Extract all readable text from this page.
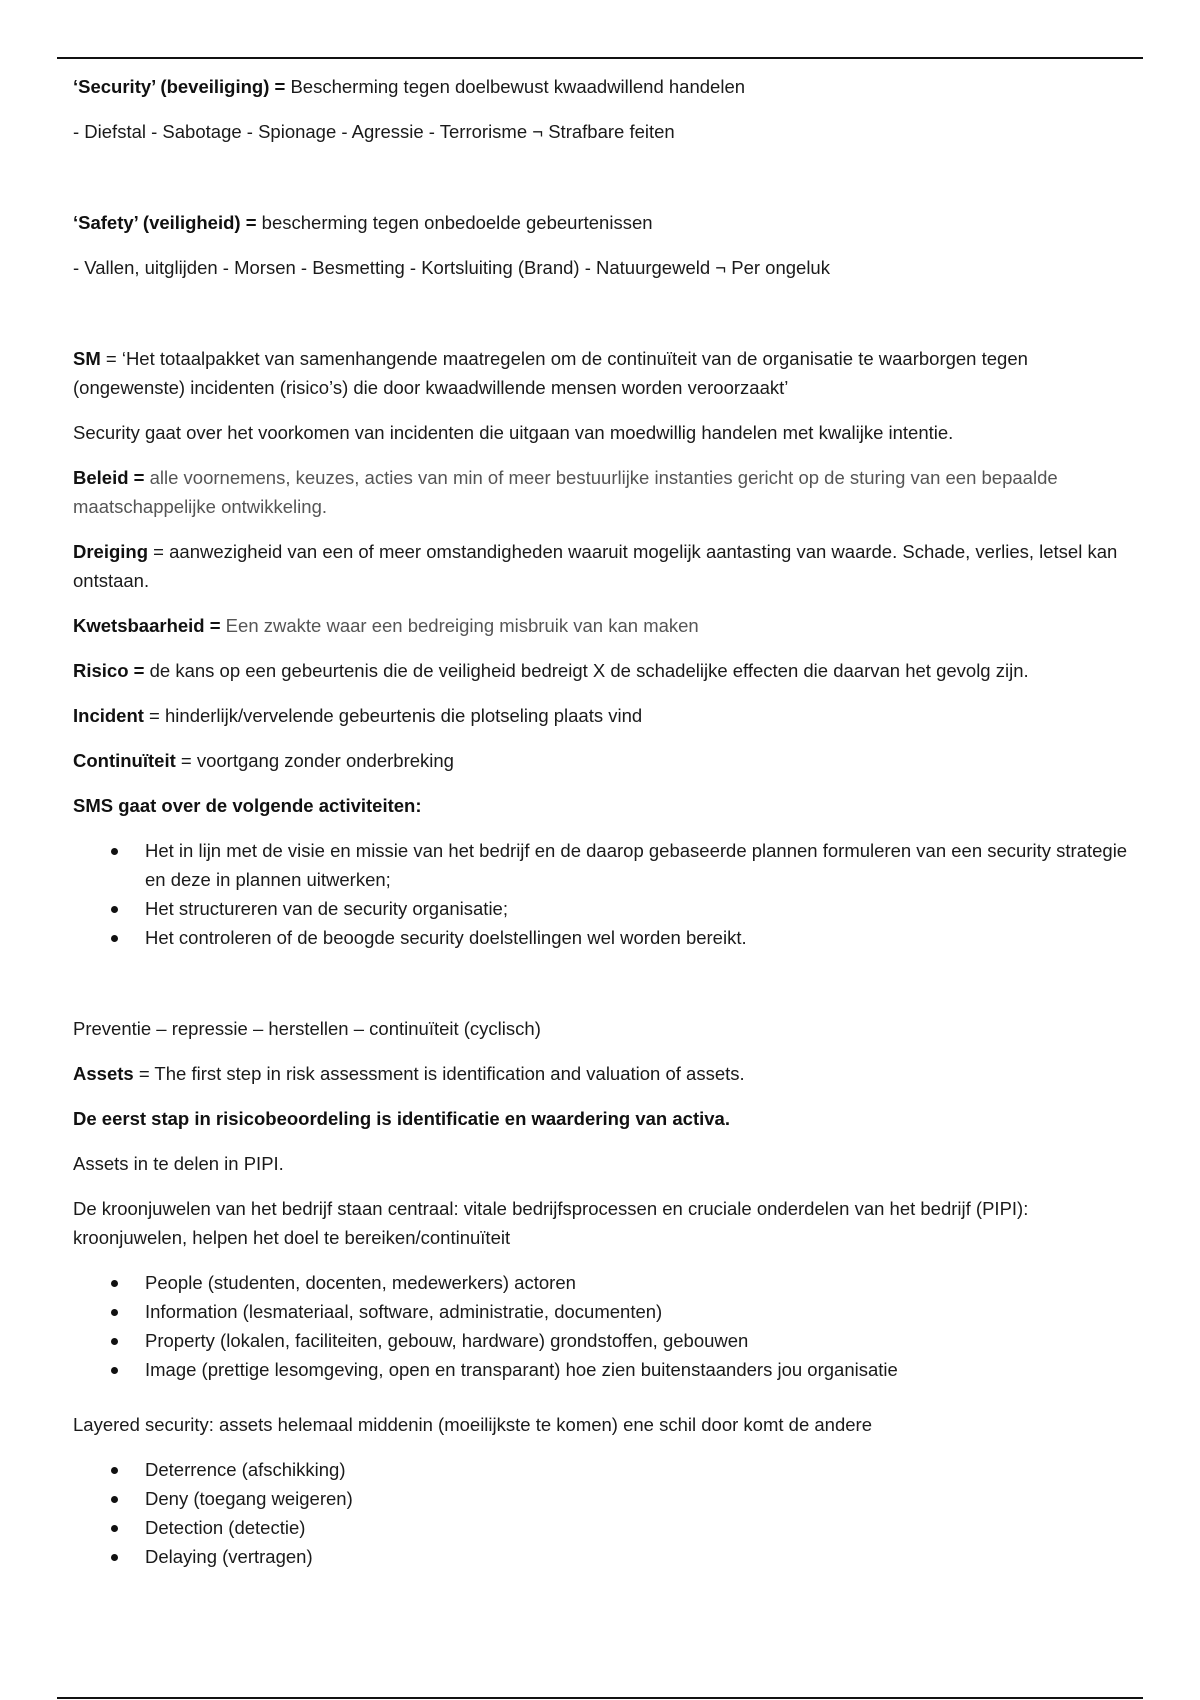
‘Security’ (beveiliging) = Bescherming tegen doelbewust kwaadwillend handelen

- Diefstal - Sabotage - Spionage - Agressie - Terrorisme ¬ Strafbare feiten

‘Safety’ (veiligheid) = bescherming tegen onbedoelde gebeurtenissen

- Vallen, uitglijden - Morsen - Besmetting - Kortsluiting (Brand) - Natuurgeweld ¬ Per ongeluk

SM = ‘Het totaalpakket van samenhangende maatregelen om de continuïteit van de organisatie te waarborgen tegen (ongewenste) incidenten (risico’s) die door kwaadwillende mensen worden veroorzaakt’

Security gaat over het voorkomen van incidenten die uitgaan van moedwillig handelen met kwalijke intentie.

Beleid = alle voornemens, keuzes, acties van min of meer bestuurlijke instanties gericht op de sturing van een bepaalde maatschappelijke ontwikkeling.

Dreiging = aanwezigheid van een of meer omstandigheden waaruit mogelijk aantasting van waarde. Schade, verlies, letsel kan ontstaan.

Kwetsbaarheid = Een zwakte waar een bedreiging misbruik van kan maken

Risico = de kans op een gebeurtenis die de veiligheid bedreigt X de schadelijke effecten die daarvan het gevolg zijn.

Incident = hinderlijk/vervelende gebeurtenis die plotseling plaats vind

Continuïteit = voortgang zonder onderbreking

SMS gaat over de volgende activiteiten:

Het in lijn met de visie en missie van het bedrijf en de daarop gebaseerde plannen formuleren van een security strategie en deze in plannen uitwerken;
Het structureren van de security organisatie;
Het controleren of de beoogde security doelstellingen wel worden bereikt.

Preventie – repressie – herstellen – continuïteit (cyclisch)

Assets = The first step in risk assessment is identification and valuation of assets.

De eerst stap in risicobeoordeling is identificatie en waardering van activa.

Assets in te delen in PIPI.

De kroonjuwelen van het bedrijf staan centraal: vitale bedrijfsprocessen en cruciale onderdelen van het bedrijf (PIPI): kroonjuwelen, helpen het doel te bereiken/continuïteit

People (studenten, docenten, medewerkers) actoren
Information (lesmateriaal, software, administratie, documenten)
Property (lokalen, faciliteiten, gebouw, hardware) grondstoffen, gebouwen
Image (prettige lesomgeving, open en transparant) hoe zien buitenstaanders jou organisatie

Layered security: assets helemaal middenin (moeilijkste te komen) ene schil door komt de andere

Deterrence (afschikking)
Deny (toegang weigeren)
Detection (detectie)
Delaying (vertragen)
